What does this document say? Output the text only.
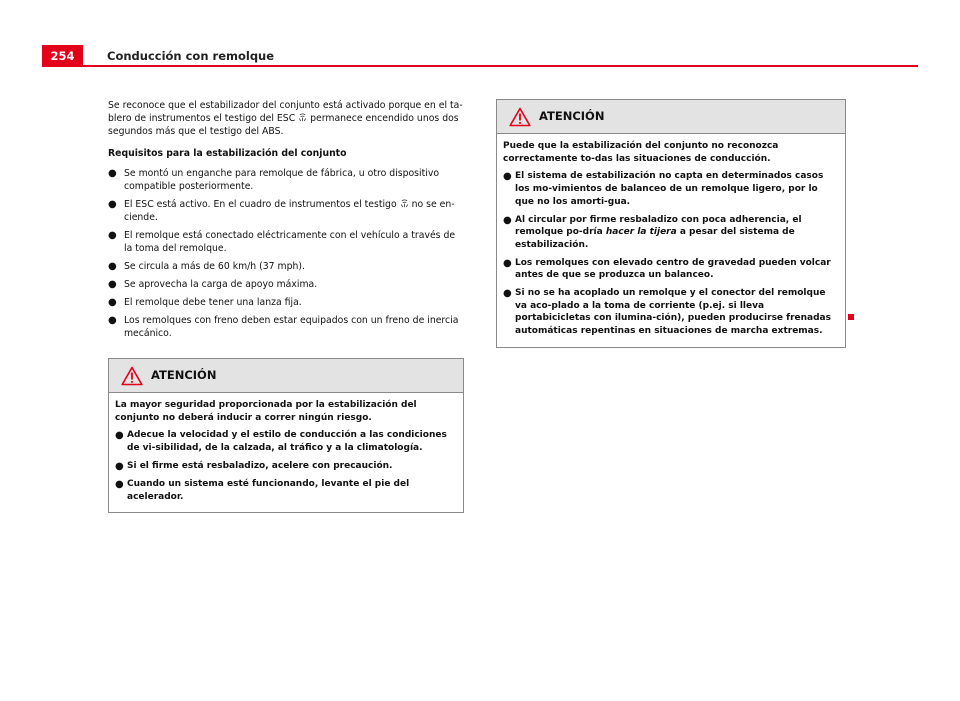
254	Conducción con remolque

Se reconoce que el estabilizador del conjunto está activado porque en el ta-blero de instrumentos el testigo del ESC permanece encendido unos dos segundos más que el testigo del ABS.

Requisitos para la estabilización del conjunto

● Se montó un enganche para remolque de fábrica, u otro dispositivo compatible posteriormente.
● El ESC está activo. En el cuadro de instrumentos el testigo no se en-ciende.
● El remolque está conectado eléctricamente con el vehículo a través de la toma del remolque.
● Se circula a más de 60 km/h (37 mph).
● Se aprovecha la carga de apoyo máxima.
● El remolque debe tener una lanza fija.
● Los remolques con freno deben estar equipados con un freno de inercia mecánico.
ATENCIÓN

La mayor seguridad proporcionada por la estabilización del conjunto no deberá inducir a correr ningún riesgo.

● Adecue la velocidad y el estilo de conducción a las condiciones de vi-sibilidad, de la calzada, al tráfico y a la climatología.
● Si el firme está resbaladizo, acelere con precaución.
● Cuando un sistema esté funcionando, levante el pie del acelerador.
ATENCIÓN

Puede que la estabilización del conjunto no reconozca correctamente to-das las situaciones de conducción.

● El sistema de estabilización no capta en determinados casos los mo-vimientos de balanceo de un remolque ligero, por lo que no los amorti-gua.
● Al circular por firme resbaladizo con poca adherencia, el remolque po-dría hacer la tijera a pesar del sistema de estabilización.
● Los remolques con elevado centro de gravedad pueden volcar antes de que se produzca un balanceo.
● Si no se ha acoplado un remolque y el conector del remolque va aco-plado a la toma de corriente (p.ej. si lleva portabicicletas con ilumina-ción), pueden producirse frenadas automáticas repentinas en situaciones de marcha extremas.
